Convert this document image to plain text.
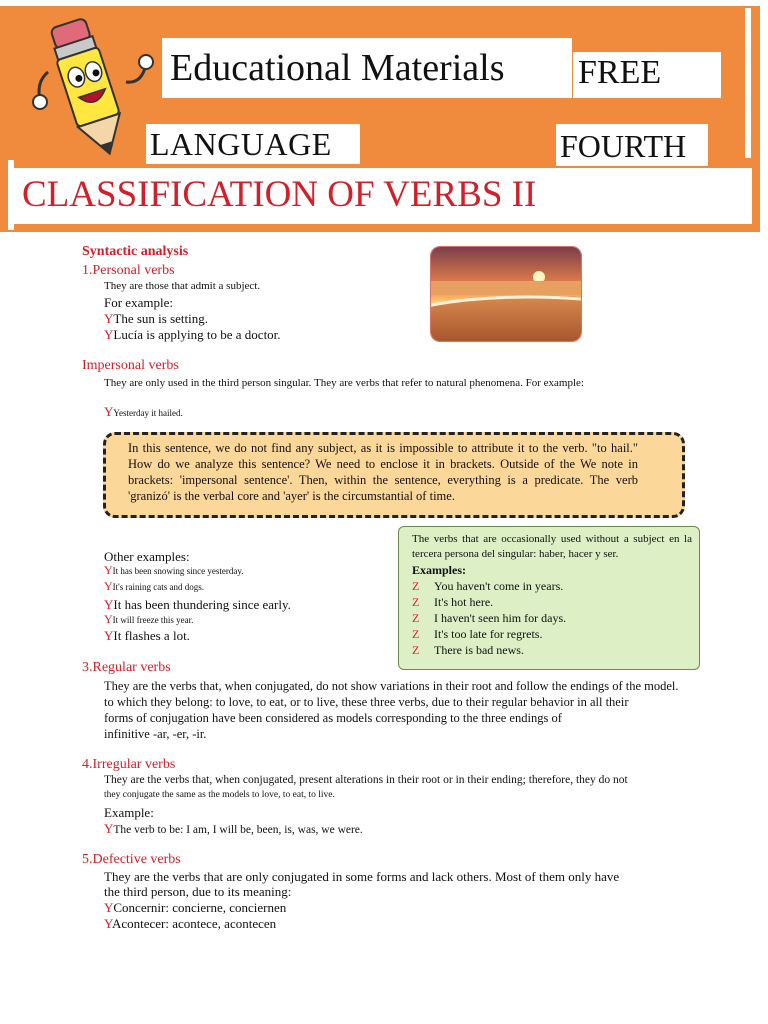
Educational Materials FREE
LANGUAGE	FOURTH
CLASSIFICATION OF VERBS II
Syntactic analysis
1.Personal verbs
They are those that admit a subject.
For example:
YThe sun is setting.
YLucía is applying to be a doctor.
Impersonal verbs
They are only used in the third person singular. They are verbs that refer to natural phenomena. For example:
YYesterday it hailed.
In this sentence, we do not find any subject, as it is impossible to attribute it to the verb. "to hail." How do we analyze this sentence? We need to enclose it in brackets. Outside of the We note in brackets: 'impersonal sentence'. Then, within the sentence, everything is a predicate. The verb 'granizó' is the verbal core and 'ayer' is the circumstantial of time.
The verbs that are occasionally used without a subject en la tercera persona del singular: haber, hacer y ser.
Examples:
Z You haven't come in years.
Z It's hot here.
Z I haven't seen him for days.
Z It's too late for regrets.
Z There is bad news.
Other examples:
YIt has been snowing since yesterday.
YIt's raining cats and dogs.
YIt has been thundering since early.
YIt will freeze this year.
YIt flashes a lot.
3.Regular verbs
They are the verbs that, when conjugated, do not show variations in their root and follow the endings of the model.
to which they belong: to love, to eat, or to live, these three verbs, due to their regular behavior in all their
forms of conjugation have been considered as models corresponding to the three endings of
infinitive -ar, -er, -ir.
4.Irregular verbs
They are the verbs that, when conjugated, present alterations in their root or in their ending; therefore, they do not
they conjugate the same as the models to love, to eat, to live.
Example:
YThe verb to be: I am, I will be, been, is, was, we were.
5.Defective verbs
They are the verbs that are only conjugated in some forms and lack others. Most of them only have
the third person, due to its meaning:
YConcernir: concierne, conciernen
YAcontecer: acontece, acontecen
